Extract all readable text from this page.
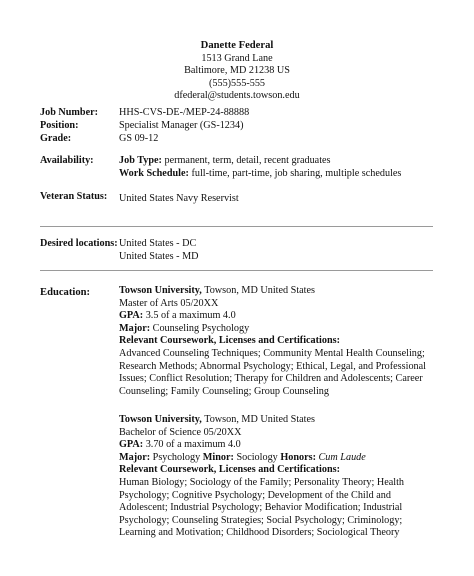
Danette Federal
1513 Grand Lane
Baltimore, MD 21238 US
(555)555-555
dfederal@students.towson.edu
Job Number: HHS-CVS-DE-/MEP-24-88888
Position:	Specialist Manager (GS-1234)
Grade:	GS 09-12
Availability: Job Type: permanent, term, detail, recent graduates
Work Schedule: full-time, part-time, job sharing, multiple schedules
Veteran Status: United States Navy Reservist
Desired locations: United States - DC
United States - MD
Education:	Towson University, Towson, MD United States
Master of Arts 05/20XX
GPA: 3.5 of a maximum 4.0
Major: Counseling Psychology
Relevant Coursework, Licenses and Certifications:
Advanced Counseling Techniques; Community Mental Health Counseling;
Research Methods; Abnormal Psychology; Ethical, Legal, and Professional
Issues; Conflict Resolution; Therapy for Children and Adolescents; Career
Counseling; Family Counseling; Group Counseling
Towson University, Towson, MD United States
Bachelor of Science 05/20XX
GPA: 3.70 of a maximum 4.0
Major: Psychology Minor: Sociology Honors: Cum Laude
Relevant Coursework, Licenses and Certifications:
Human Biology; Sociology of the Family; Personality Theory; Health
Psychology; Cognitive Psychology; Development of the Child and
Adolescent; Industrial Psychology; Behavior Modification; Industrial
Psychology; Counseling Strategies; Social Psychology; Criminology;
Learning and Motivation; Childhood Disorders; Sociological Theory
